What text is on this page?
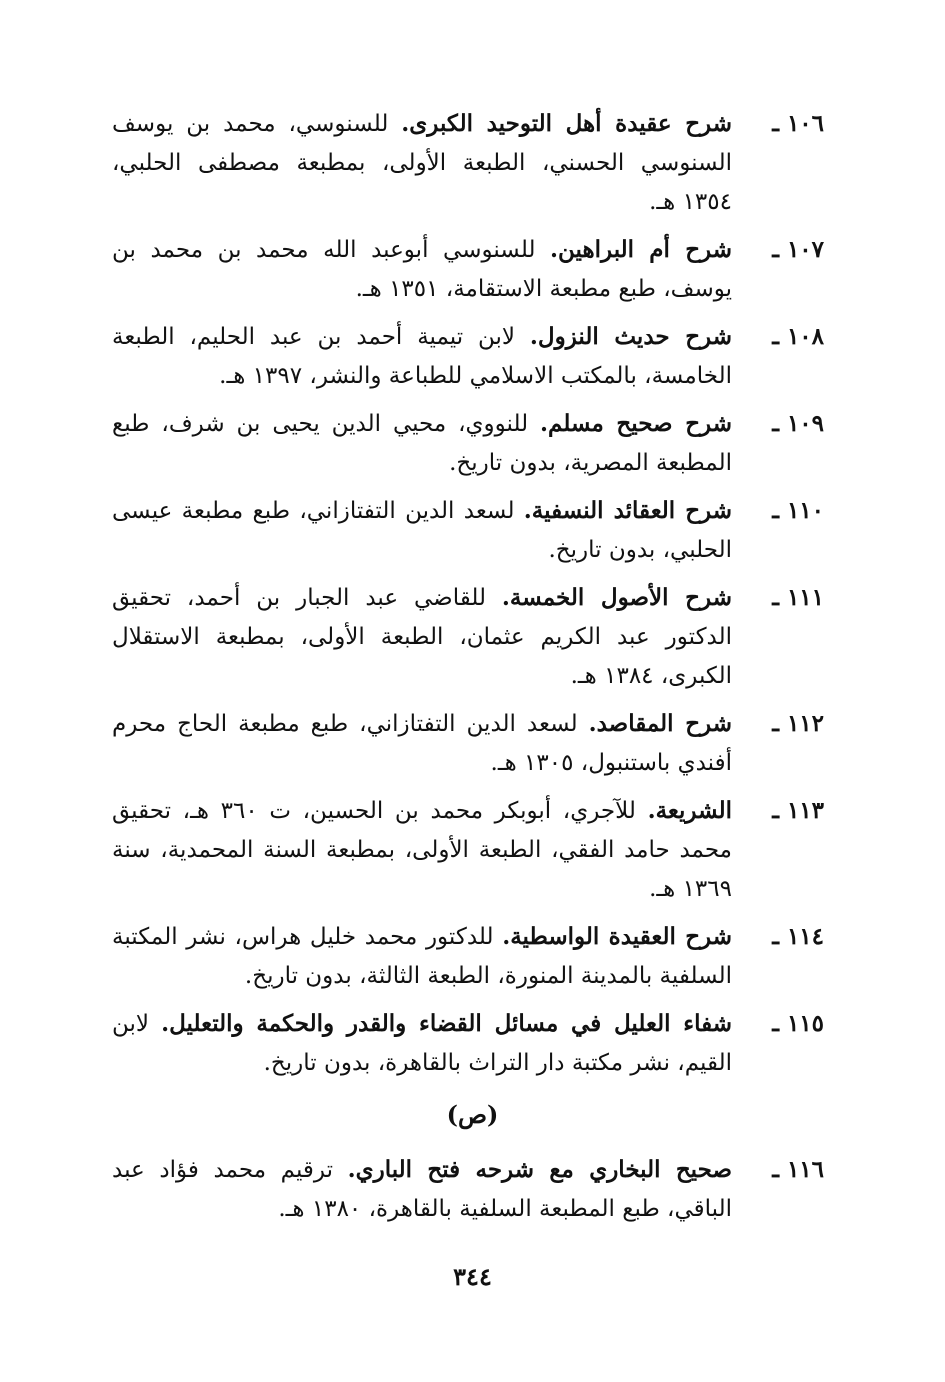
١٠٦ ـ
شرح عقيدة أهل التوحيد الكبرى. للسنوسي، محمد بن يوسف السنوسي الحسني، الطبعة الأولى، بمطبعة مصطفى الحلبي، ١٣٥٤ هـ.
١٠٧ ـ
شرح أم البراهين. للسنوسي أبوعبد الله محمد بن محمد بن يوسف، طبع مطبعة الاستقامة، ١٣٥١ هـ.
١٠٨ ـ
شرح حديث النزول. لابن تيمية أحمد بن عبد الحليم، الطبعة الخامسة، بالمكتب الاسلامي للطباعة والنشر، ١٣٩٧ هـ.
١٠٩ ـ
شرح صحيح مسلم. للنووي، محيي الدين يحيى بن شرف، طبع المطبعة المصرية، بدون تاريخ.
١١٠ ـ
شرح العقائد النسفية. لسعد الدين التفتازاني، طبع مطبعة عيسى الحلبي، بدون تاريخ.
١١١ ـ
شرح الأصول الخمسة. للقاضي عبد الجبار بن أحمد، تحقيق الدكتور عبد الكريم عثمان، الطبعة الأولى، بمطبعة الاستقلال الكبرى، ١٣٨٤ هـ.
١١٢ ـ
شرح المقاصد. لسعد الدين التفتازاني، طبع مطبعة الحاج محرم أفندي باستنبول، ١٣٠٥ هـ.
١١٣ ـ
الشريعة. للآجري، أبوبكر محمد بن الحسين، ت ٣٦٠ هـ، تحقيق محمد حامد الفقي، الطبعة الأولى، بمطبعة السنة المحمدية، سنة ١٣٦٩ هـ.
١١٤ ـ
شرح العقيدة الواسطية. للدكتور محمد خليل هراس، نشر المكتبة السلفية بالمدينة المنورة، الطبعة الثالثة، بدون تاريخ.
١١٥ ـ
شفاء العليل في مسائل القضاء والقدر والحكمة والتعليل. لابن القيم، نشر مكتبة دار التراث بالقاهرة، بدون تاريخ.
(ص)
١١٦ ـ
صحيح البخاري مع شرحه فتح الباري. ترقيم محمد فؤاد عبد الباقي، طبع المطبعة السلفية بالقاهرة، ١٣٨٠ هـ.
٣٤٤
